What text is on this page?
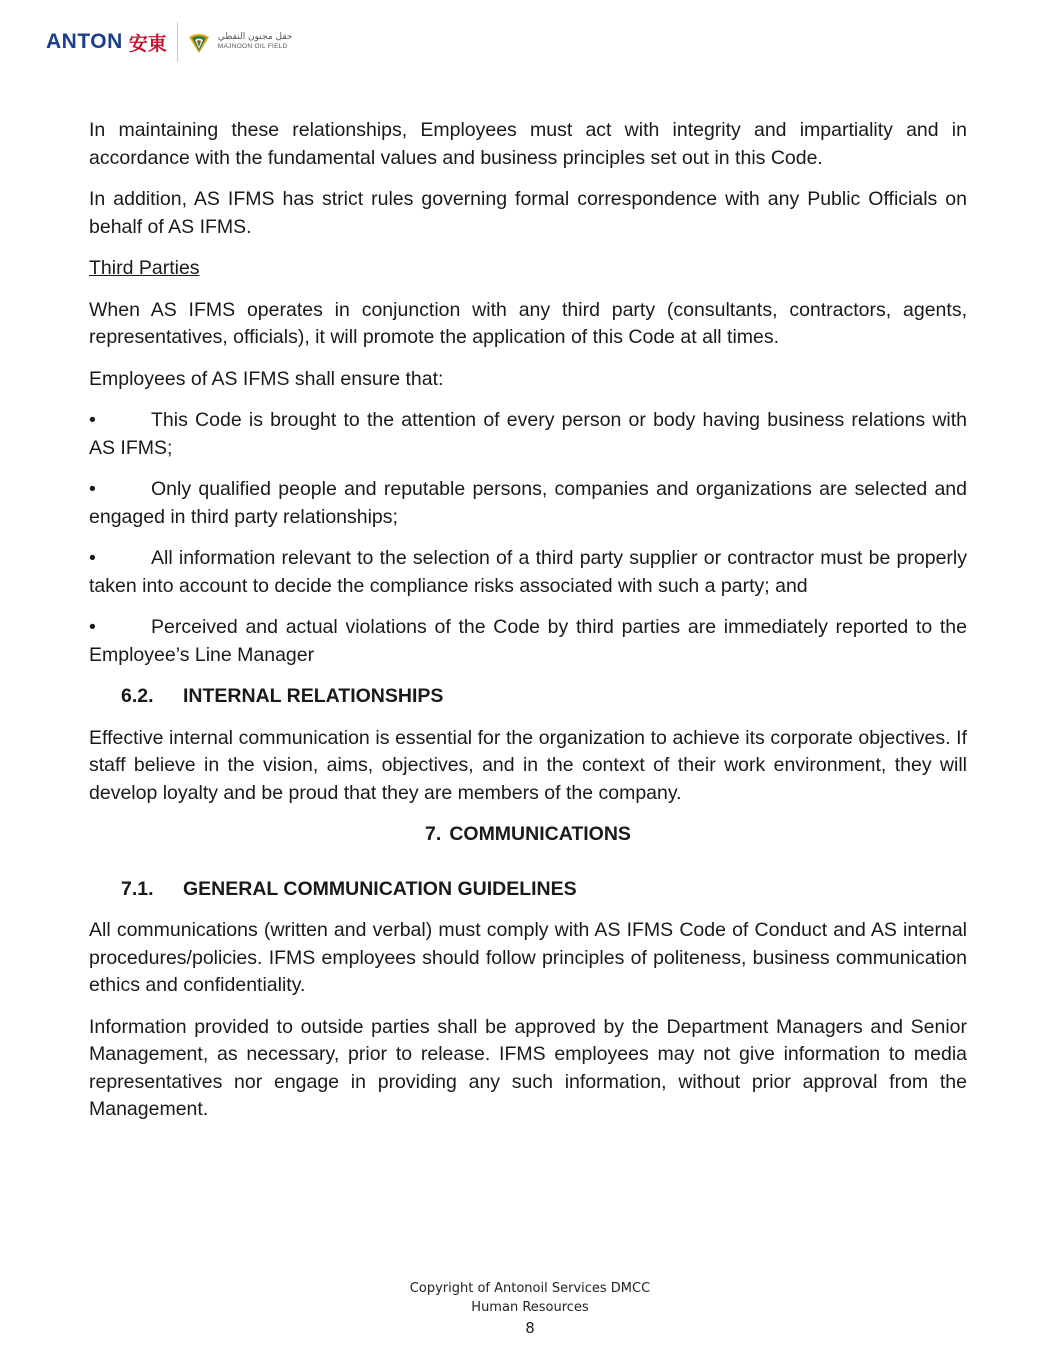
ANTON 安東	حقل مجنون النفطي
MAJNOON OIL FIELD

In maintaining these relationships, Employees must act with integrity and impartiality and in accordance with the fundamental values and business principles set out in this Code.

In addition, AS IFMS has strict rules governing formal correspondence with any Public Officials on behalf of AS IFMS.

Third Parties

When AS IFMS operates in conjunction with any third party (consultants, contractors, agents, representatives, officials), it will promote the application of this Code at all times.

Employees of AS IFMS shall ensure that:

•	This Code is brought to the attention of every person or body having business relations with AS IFMS;

•	Only qualified people and reputable persons, companies and organizations are selected and engaged in third party relationships;

•	All information relevant to the selection of a third party supplier or contractor must be properly taken into account to decide the compliance risks associated with such a party; and

•	Perceived and actual violations of the Code by third parties are immediately reported to the Employee’s Line Manager

6.2. INTERNAL RELATIONSHIPS

Effective internal communication is essential for the organization to achieve its corporate objectives. If staff believe in the vision, aims, objectives, and in the context of their work environment, they will develop loyalty and be proud that they are members of the company.

7. COMMUNICATIONS
7.1. GENERAL COMMUNICATION GUIDELINES

All communications (written and verbal) must comply with AS IFMS Code of Conduct and AS internal procedures/policies. IFMS employees should follow principles of politeness, business communication ethics and confidentiality.

Information provided to outside parties shall be approved by the Department Managers and Senior Management, as necessary, prior to release. IFMS employees may not give information to media representatives nor engage in providing any such information, without prior approval from the Management.

Copyright of Antonoil Services DMCC
Human Resources
8
